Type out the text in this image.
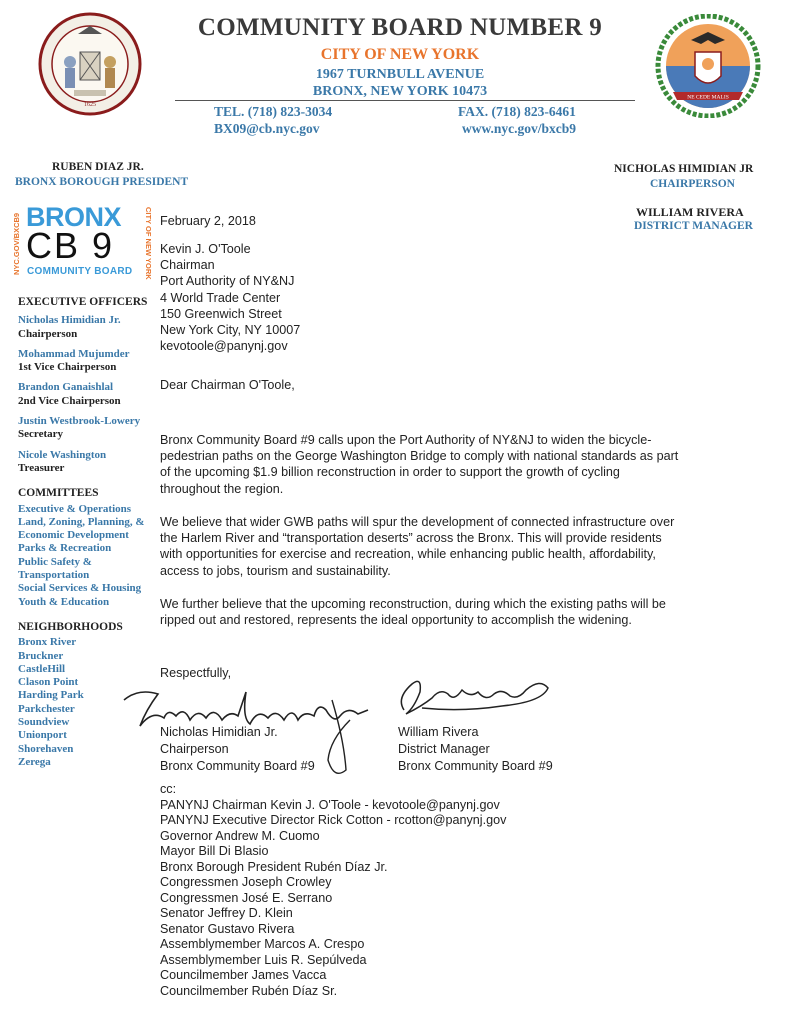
1625
NE CEDE MALIS
COMMUNITY BOARD NUMBER 9
CITY OF NEW YORK
1967 TURNBULL AVENUE
BRONX, NEW YORK 10473
TEL. (718) 823-3034	FAX. (718) 823-6461
BX09@cb.nyc.gov	www.nyc.gov/bxcb9
RUBEN DIAZ JR.
BRONX BOROUGH PRESIDENT
NICHOLAS HIMIDIAN JR
CHAIRPERSON
WILLIAM RIVERA
DISTRICT MANAGER
NYC.GOV/BXCB9 BRONX
CB 9
COMMUNITY BOARD CITY OF NEW YORK
EXECUTIVE OFFICERS
Nicholas Himidian Jr.
Chairperson
Mohammad Mujumder
1st Vice Chairperson
Brandon Ganaishlal
2nd Vice Chairperson
Justin Westbrook-Lowery
Secretary
Nicole Washington
Treasurer
COMMITTEES
Executive & Operations
Land, Zoning, Planning, &
Economic Development
Parks & Recreation
Public Safety &
Transportation
Social Services & Housing
Youth & Education
NEIGHBORHOODS
Bronx River
Bruckner
CastleHill
Clason Point
Harding Park
Parkchester
Soundview
Unionport
Shorehaven
Zerega
February 2, 2018
Kevin J. O'Toole
Chairman
Port Authority of NY&NJ
4 World Trade Center
150 Greenwich Street
New York City, NY 10007
kevotoole@panynj.gov
Dear Chairman O'Toole,
Bronx Community Board #9 calls upon the Port Authority of NY&NJ to widen the bicycle-pedestrian paths on the George Washington Bridge to comply with national standards as part of the upcoming $1.9 billion reconstruction in order to support the growth of cycling throughout the region.
We believe that wider GWB paths will spur the development of connected infrastructure over the Harlem River and “transportation deserts” across the Bronx. This will provide residents with opportunities for exercise and recreation, while enhancing public health, affordability, access to jobs, tourism and sustainability.
We further believe that the upcoming reconstruction, during which the existing paths will be ripped out and restored, represents the ideal opportunity to accomplish the widening.
Respectfully,
Nicholas Himidian Jr.
Chairperson
Bronx Community Board #9
William Rivera
District Manager
Bronx Community Board #9
cc:
PANYNJ Chairman Kevin J. O'Toole - kevotoole@panynj.gov
PANYNJ Executive Director Rick Cotton - rcotton@panynj.gov
Governor Andrew M. Cuomo
Mayor Bill Di Blasio
Bronx Borough President Rubén Díaz Jr.
Congressmen Joseph Crowley
Congressmen José E. Serrano
Senator Jeffrey D. Klein
Senator Gustavo Rivera
Assemblymember Marcos A. Crespo
Assemblymember Luis R. Sepúlveda
Councilmember James Vacca
Councilmember Rubén Díaz Sr.
